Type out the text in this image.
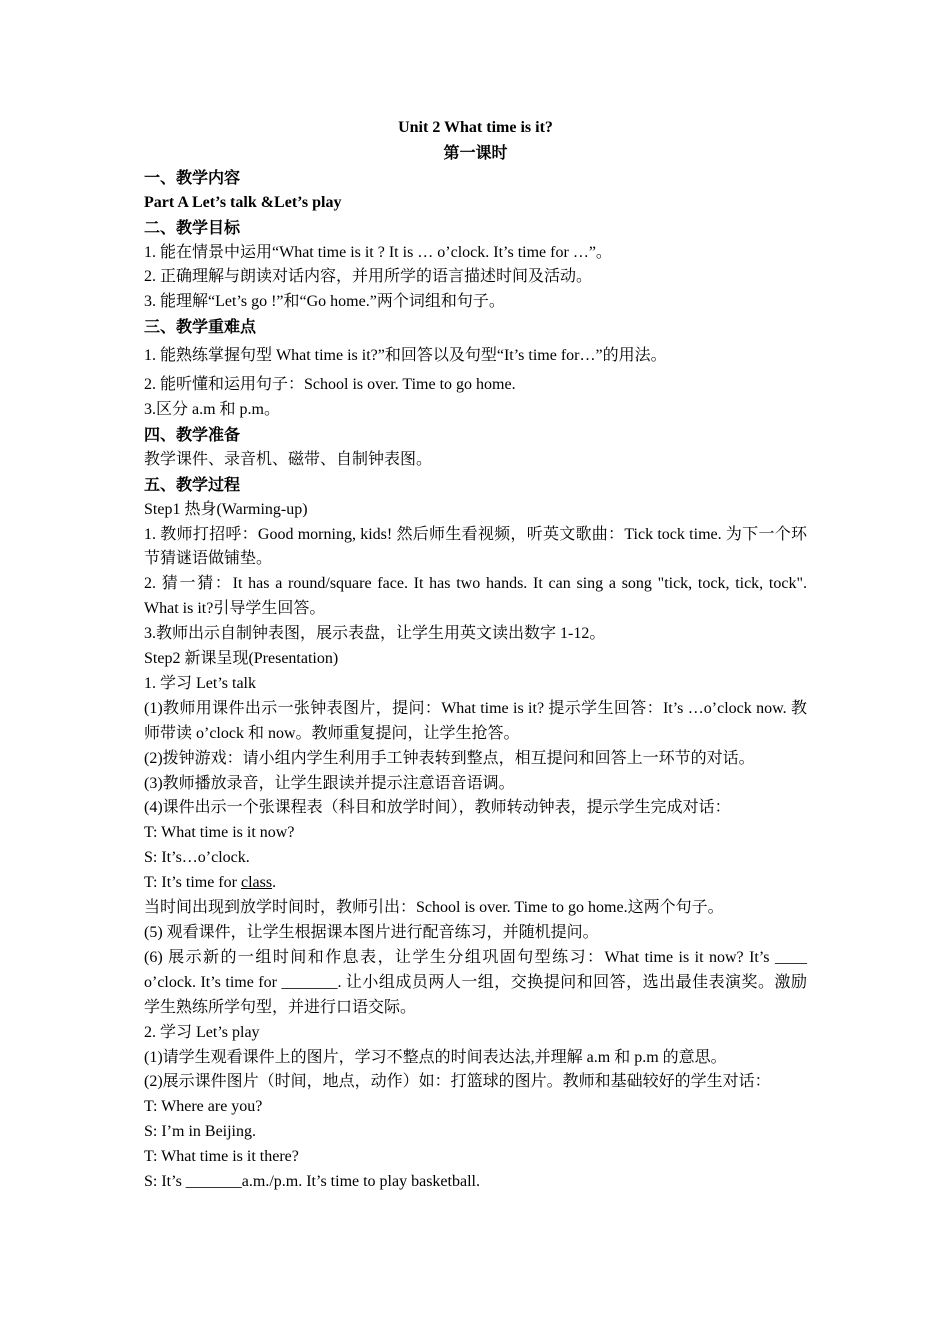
Unit 2 What time is it?
第一课时
一、教学内容
Part A Let’s talk &Let’s play
二、教学目标
1. 能在情景中运用“What time is it ? It is … o’clock. It’s time for …”。
2. 正确理解与朗读对话内容，并用所学的语言描述时间及活动。
3. 能理解“Let’s go !”和“Go home.”两个词组和句子。
三、教学重难点
1. 能熟练掌握句型 What time is it?”和回答以及句型“It’s time for…”的用法。
2. 能听懂和运用句子：School is over. Time to go home.
3.区分 a.m 和 p.m。
四、教学准备
教学课件、录音机、磁带、自制钟表图。
五、教学过程
Step1 热身(Warming-up)
1. 教师打招呼：Good morning, kids! 然后师生看视频，听英文歌曲：Tick tock time. 为下一个环节猜谜语做铺垫。
2. 猜一猜：It has a round/square face. It has two hands. It can sing a song "tick, tock, tick, tock". What is it?引导学生回答。
3.教师出示自制钟表图，展示表盘，让学生用英文读出数字 1-12。
Step2 新课呈现(Presentation)
1. 学习 Let’s talk
(1)教师用课件出示一张钟表图片，提问：What time is it? 提示学生回答：It’s …o’clock now. 教师带读 o’clock 和 now。教师重复提问，让学生抢答。
(2)拨钟游戏：请小组内学生利用手工钟表转到整点，相互提问和回答上一环节的对话。
(3)教师播放录音，让学生跟读并提示注意语音语调。
(4)课件出示一个张课程表（科目和放学时间），教师转动钟表，提示学生完成对话：
T: What time is it now?
S: It’s…o’clock.
T: It’s time for class.
当时间出现到放学时间时，教师引出：School is over. Time to go home.这两个句子。
(5) 观看课件，让学生根据课本图片进行配音练习，并随机提问。
(6) 展示新的一组时间和作息表，让学生分组巩固句型练习：What time is it now? It’s ____ o’clock. It’s time for _______. 让小组成员两人一组，交换提问和回答，选出最佳表演奖。激励学生熟练所学句型，并进行口语交际。
2. 学习 Let’s play
(1)请学生观看课件上的图片，学习不整点的时间表达法,并理解 a.m 和 p.m 的意思。
(2)展示课件图片（时间，地点，动作）如：打篮球的图片。教师和基础较好的学生对话：
T: Where are you?
S: I’m in Beijing.
T: What time is it there?
S: It’s _______a.m./p.m. It’s time to play basketball.
